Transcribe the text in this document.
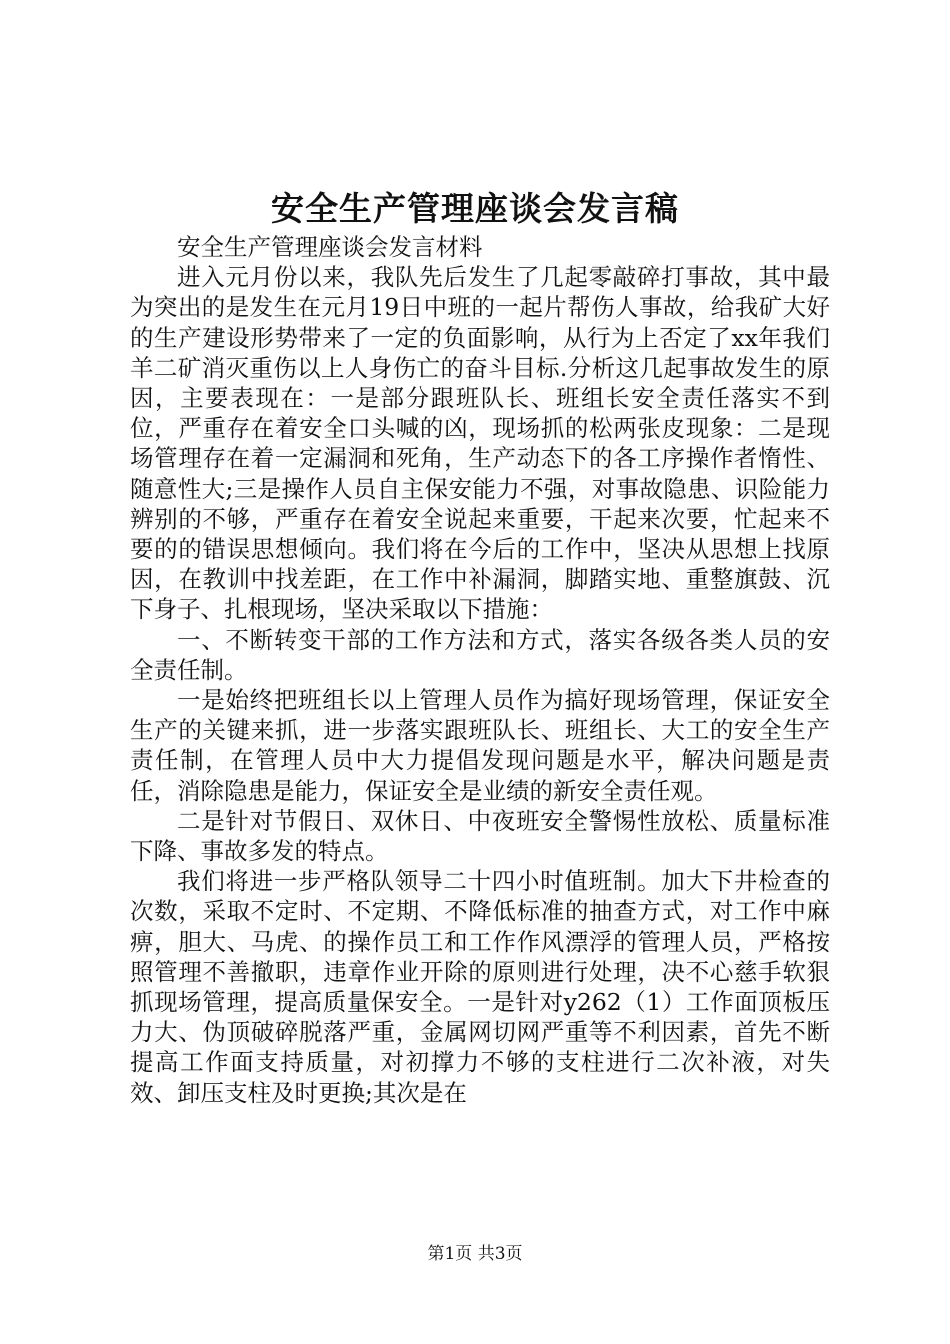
安全生产管理座谈会发言稿

安全生产管理座谈会发言材料

进入元月份以来，我队先后发生了几起零敲碎打事故，其中最为突出的是发生在元月19日中班的一起片帮伤人事故，给我矿大好的生产建设形势带来了一定的负面影响，从行为上否定了xx年我们羊二矿消灭重伤以上人身伤亡的奋斗目标.分析这几起事故发生的原因，主要表现在：一是部分跟班队长、班组长安全责任落实不到位，严重存在着安全口头喊的凶，现场抓的松两张皮现象：二是现场管理存在着一定漏洞和死角，生产动态下的各工序操作者惰性、随意性大;三是操作人员自主保安能力不强，对事故隐患、识险能力辨别的不够，严重存在着安全说起来重要，干起来次要，忙起来不要的的错误思想倾向。我们将在今后的工作中，坚决从思想上找原因，在教训中找差距，在工作中补漏洞，脚踏实地、重整旗鼓、沉下身子、扎根现场，坚决采取以下措施：

一、不断转变干部的工作方法和方式，落实各级各类人员的安全责任制。

一是始终把班组长以上管理人员作为搞好现场管理，保证安全生产的关键来抓，进一步落实跟班队长、班组长、大工的安全生产责任制，在管理人员中大力提倡发现问题是水平，解决问题是责任，消除隐患是能力，保证安全是业绩的新安全责任观。

二是针对节假日、双休日、中夜班安全警惕性放松、质量标准下降、事故多发的特点。

我们将进一步严格队领导二十四小时值班制。加大下井检查的次数，采取不定时、不定期、不降低标准的抽查方式，对工作中麻痹，胆大、马虎、的操作员工和工作作风漂浮的管理人员，严格按照管理不善撤职，违章作业开除的原则进行处理，决不心慈手软狠抓现场管理，提高质量保安全。一是针对y262（1）工作面顶板压力大、伪顶破碎脱落严重，金属网切网严重等不利因素，首先不断提高工作面支持质量，对初撑力不够的支柱进行二次补液，对失效、卸压支柱及时更换;其次是在

第1页 共3页
